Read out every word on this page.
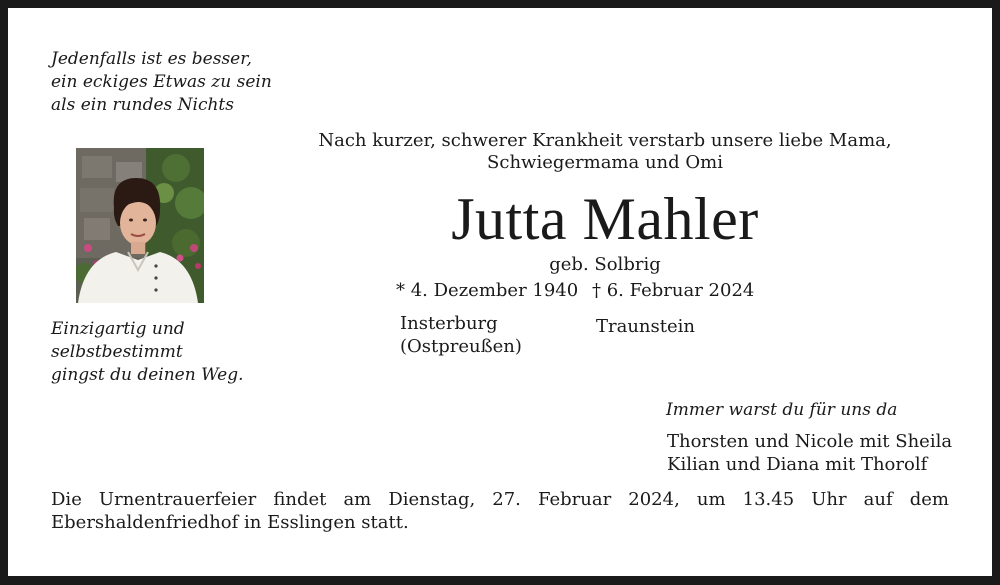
Jedenfalls ist es besser,
ein eckiges Etwas zu sein
als ein rundes Nichts
Einzigartig und
selbstbestimmt
gingst du deinen Weg.
Nach kurzer, schwerer Krankheit verstarb unsere liebe Mama,
Schwiegermama und Omi
Jutta Mahler
geb. Solbrig
* 4. Dezember 1940 † 6. Februar 2024
Insterburg
(Ostpreußen)
Traunstein
Immer warst du für uns da
Thorsten und Nicole mit Sheila
Kilian und Diana mit Thorolf
Die Urnentrauerfeier findet am Dienstag, 27. Februar 2024, um 13.45 Uhr auf dem
Ebershaldenfriedhof in Esslingen statt.
